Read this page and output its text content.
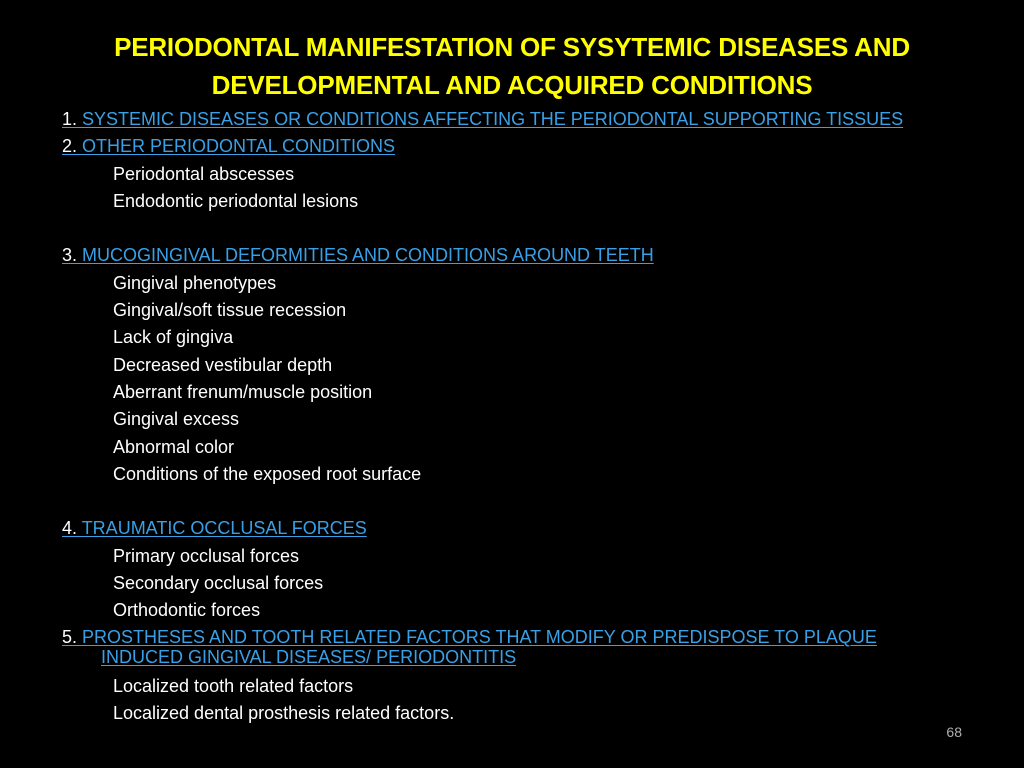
PERIODONTAL MANIFESTATION OF SYSYTEMIC DISEASES AND
DEVELOPMENTAL AND ACQUIRED CONDITIONS
1. SYSTEMIC DISEASES OR CONDITIONS AFFECTING THE PERIODONTAL SUPPORTING TISSUES
2. OTHER PERIODONTAL CONDITIONS
Periodontal abscesses
Endodontic periodontal lesions
3. MUCOGINGIVAL DEFORMITIES AND CONDITIONS AROUND TEETH
Gingival phenotypes
Gingival/soft tissue recession
Lack of gingiva
Decreased vestibular depth
Aberrant frenum/muscle position
Gingival excess
Abnormal color
Conditions of the exposed root surface
4. TRAUMATIC OCCLUSAL FORCES
Primary occlusal forces
Secondary occlusal forces
Orthodontic forces
5. PROSTHESES AND TOOTH RELATED FACTORS THAT MODIFY OR PREDISPOSE TO PLAQUE
INDUCED GINGIVAL DISEASES/ PERIODONTITIS
Localized tooth related factors
Localized dental prosthesis related factors.
68
